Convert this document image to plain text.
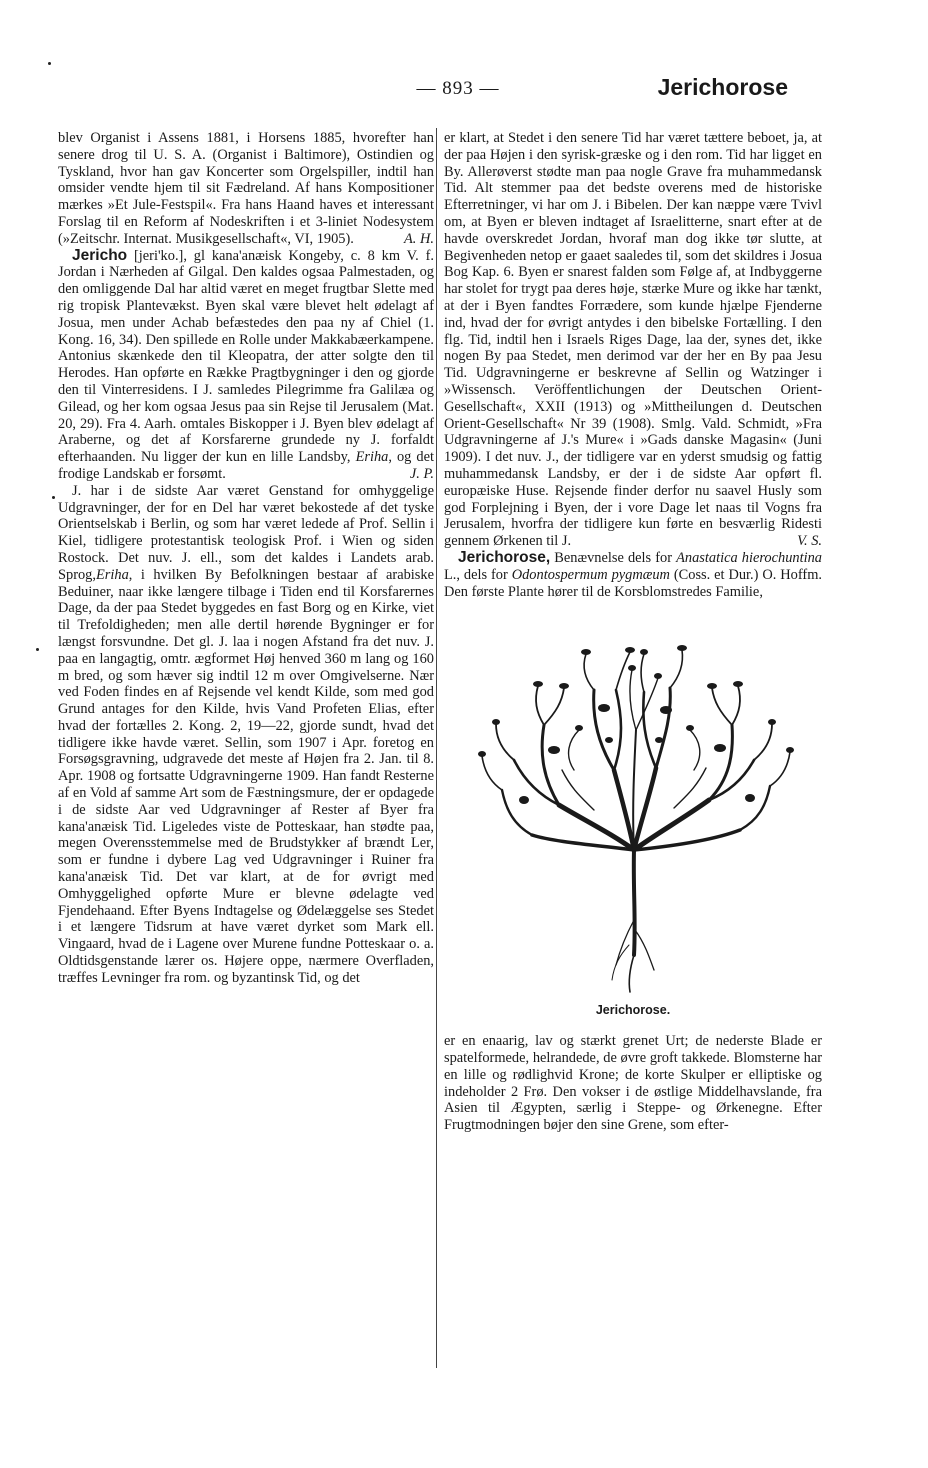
— 893 —	Jerichorose

blev Organist i Assens 1881, i Horsens 1885, hvorefter han senere drog til U. S. A. (Organist i Baltimore), Ostindien og Tyskland, hvor han gav Koncerter som Orgelspiller, indtil han omsider vendte hjem til sit Fædreland. Af hans Kompositioner mærkes »Et Jule-Festspil«. Fra hans Haand haves et interessant Forslag til en Reform af Nodeskriften i et 3-liniet Nodesystem (»Zeitschr. Internat. Musikgesellschaft«, VI, 1905).	A. H.

Jericho [jeri'ko.], gl kana'anæisk Kongeby, c. 8 km V. f. Jordan i Nærheden af Gilgal. Den kaldes ogsaa Palmestaden, og den omliggende Dal har altid været en meget frugtbar Slette med rig tropisk Plantevækst. Byen skal være blevet helt ødelagt af Josua, men under Achab befæstedes den paa ny af Chiel (1. Kong. 16, 34). Den spillede en Rolle under Makkabæerkampene. Antonius skænkede den til Kleopatra, der atter solgte den til Herodes. Han opførte en Række Pragtbygninger i den og gjorde den til Vinterresidens. I J. samledes Pilegrimme fra Galilæa og Gilead, og her kom ogsaa Jesus paa sin Rejse til Jerusalem (Mat. 20, 29). Fra 4. Aarh. omtales Biskopper i J. Byen blev ødelagt af Araberne, og det af Korsfarerne grundede ny J. forfaldt efterhaanden. Nu ligger der kun en lille Landsby, Eriha, og det frodige Landskab er forsømt.	J. P.

J. har i de sidste Aar været Genstand for omhyggelige Udgravninger, der for en Del har været bekostede af det tyske Orientselskab i Berlin, og som har været ledede af Prof. Sellin i Kiel, tidligere protestantisk teologisk Prof. i Wien og siden Rostock. Det nuv. J. ell., som det kaldes i Landets arab. Sprog,Eriha, i hvilken By Befolkningen bestaar af arabiske Beduiner, naar ikke længere tilbage i Tiden end til Korsfarernes Dage, da der paa Stedet byggedes en fast Borg og en Kirke, viet til Trefoldigheden; men alle dertil hørende Bygninger er for længst forsvundne. Det gl. J. laa i nogen Afstand fra det nuv. J. paa en langagtig, omtr. ægformet Høj henved 360 m lang og 160 m bred, og som hæver sig indtil 12 m over Omgivelserne. Nær ved Foden findes en af Rejsende vel kendt Kilde, som med god Grund antages for den Kilde, hvis Vand Profeten Elias, efter hvad der fortælles 2. Kong. 2, 19—22, gjorde sundt, hvad det tidligere ikke havde været. Sellin, som 1907 i Apr. foretog en Forsøgsgravning, udgravede det meste af Højen fra 2. Jan. til 8. Apr. 1908 og fortsatte Udgravningerne 1909. Han fandt Resterne af en Vold af samme Art som de Fæstningsmure, der er opdagede i de sidste Aar ved Udgravninger af Rester af Byer fra kana'anæisk Tid. Ligeledes viste de Potteskaar, han stødte paa, megen Overensstemmelse med de Brudstykker af brændt Ler, som er fundne i dybere Lag ved Udgravninger i Ruiner fra kana'anæisk Tid. Det var klart, at de for øvrigt med Omhyggelighed opførte Mure er blevne ødelagte ved Fjendehaand. Efter Byens Indtagelse og Ødelæggelse ses Stedet i et længere Tidsrum at have været dyrket som Mark ell. Vingaard, hvad de i Lagene over Murene fundne Potteskaar o. a. Oldtidsgenstande lærer os. Højere oppe, nærmere Overfladen, træffes Levninger fra rom. og byzantinsk Tid, og det

er klart, at Stedet i den senere Tid har været tættere beboet, ja, at der paa Højen i den syrisk-græske og i den rom. Tid har ligget en By. Allerøverst stødte man paa nogle Grave fra muhammedansk Tid. Alt stemmer paa det bedste overens med de historiske Efterretninger, vi har om J. i Bibelen. Der kan næppe være Tvivl om, at Byen er bleven indtaget af Israelitterne, snart efter at de havde overskredet Jordan, hvoraf man dog ikke tør slutte, at Begivenheden netop er gaaet saaledes til, som det skildres i Josua Bog Kap. 6. Byen er snarest falden som Følge af, at Indbyggerne har stolet for trygt paa deres høje, stærke Mure og ikke har tænkt, at der i Byen fandtes Forrædere, som kunde hjælpe Fjenderne ind, hvad der for øvrigt antydes i den bibelske Fortælling. I den flg. Tid, indtil hen i Israels Riges Dage, laa der, synes det, ikke nogen By paa Stedet, men derimod var der her en By paa Jesu Tid. Udgravningerne er beskrevne af Sellin og Watzinger i »Wissensch. Veröffentlichungen der Deutschen Orient-Gesellschaft«, XXII (1913) og »Mittheilungen d. Deutschen Orient-Gesellschaft« Nr 39 (1908). Smlg. Vald. Schmidt, »Fra Udgravningerne af J.'s Mure« i »Gads danske Magasin« (Juni 1909). I det nuv. J., der tidligere var en yderst smudsig og fattig muhammedansk Landsby, er der i de sidste Aar opført fl. europæiske Huse. Rejsende finder derfor nu saavel Husly som god Forplejning i Byen, der i vore Dage let naas til Vogns fra Jerusalem, hvorfra der tidligere kun førte en besværlig Ridesti gennem Ørkenen til J.	V. S.

Jerichorose, Benævnelse dels for Anastatica hierochuntina L., dels for Odontospermum pygmæum (Coss. et Dur.) O. Hoffm. Den første Plante hører til de Korsblomstredes Familie,

Jerichorose.

er en enaarig, lav og stærkt grenet Urt; de nederste Blade er spatelformede, helrandede, de øvre groft takkede. Blomsterne har en lille og rødlighvid Krone; de korte Skulper er elliptiske og indeholder 2 Frø. Den vokser i de østlige Middelhavslande, fra Asien til Ægypten, særlig i Steppe- og Ørkenegne. Efter Frugtmodningen bøjer den sine Grene, som efter-
